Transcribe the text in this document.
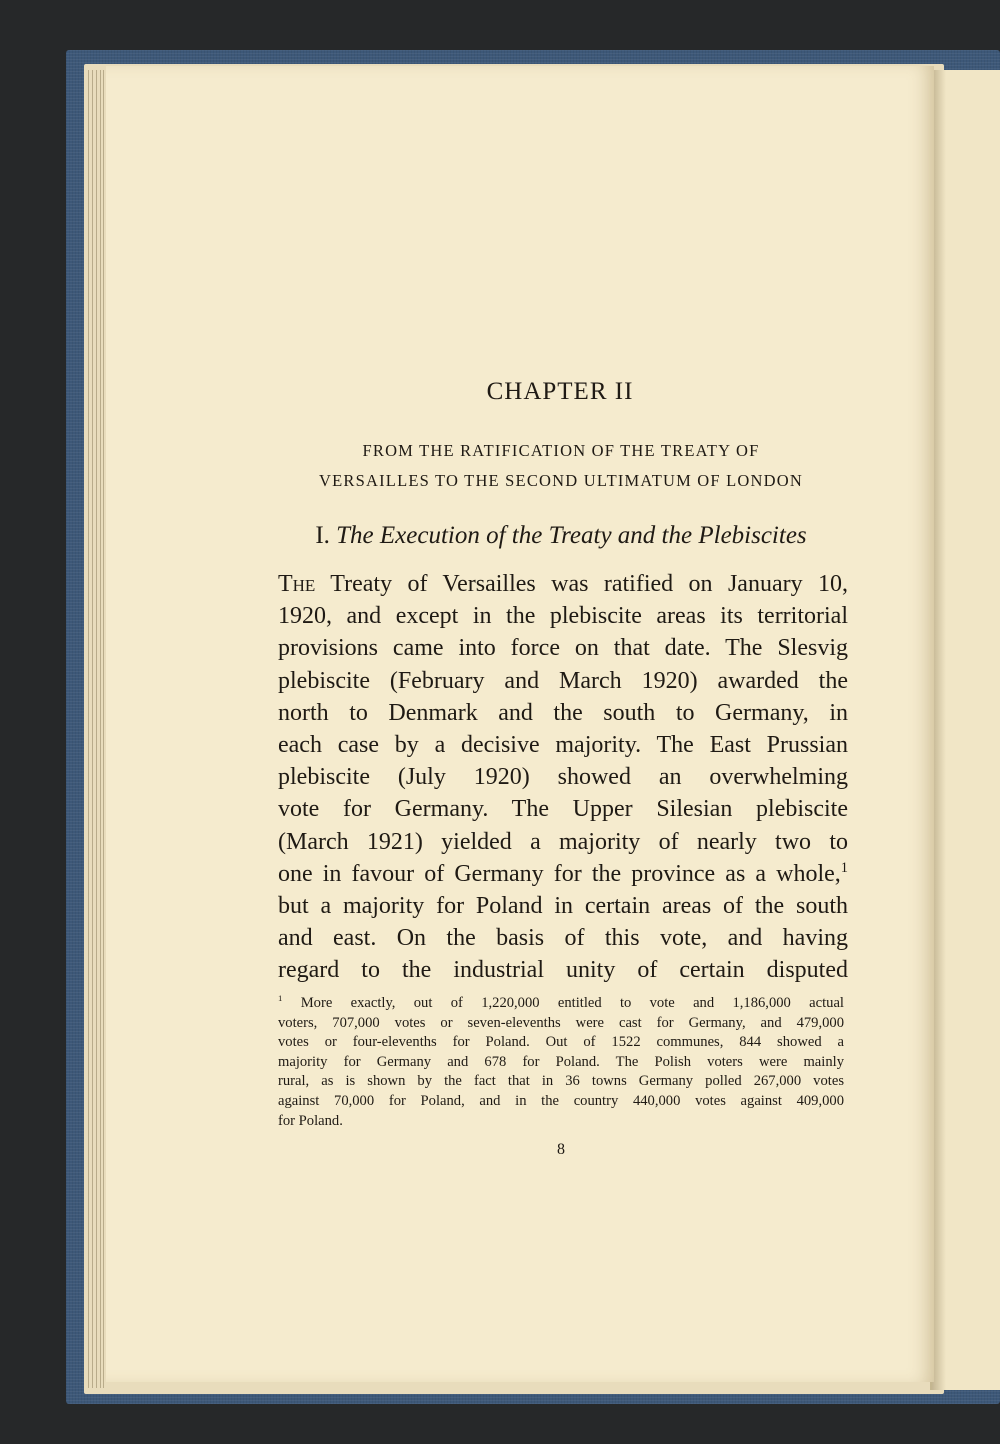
CHAPTER II
FROM THE RATIFICATION OF THE TREATY OF
VERSAILLES TO THE SECOND ULTIMATUM OF LONDON
I. The Execution of the Treaty and the Plebiscites
The Treaty of Versailles was ratified on January 10,
1920, and except in the plebiscite areas its territorial
provisions came into force on that date. The Slesvig
plebiscite (February and March 1920) awarded the
north to Denmark and the south to Germany, in
each case by a decisive majority. The East Prussian
plebiscite (July 1920) showed an overwhelming
vote for Germany. The Upper Silesian plebiscite
(March 1921) yielded a majority of nearly two to
one in favour of Germany for the province as a whole,$^1$
but a majority for Poland in certain areas of the south
and east. On the basis of this vote, and having
regard to the industrial unity of certain disputed
$^1$ More exactly, out of 1,220,000 entitled to vote and 1,186,000 actual
voters, 707,000 votes or seven-elevenths were cast for Germany, and 479,000
votes or four-elevenths for Poland. Out of 1522 communes, 844 showed a
majority for Germany and 678 for Poland. The Polish voters were mainly
rural, as is shown by the fact that in 36 towns Germany polled 267,000 votes
against 70,000 for Poland, and in the country 440,000 votes against 409,000
for Poland.
8
